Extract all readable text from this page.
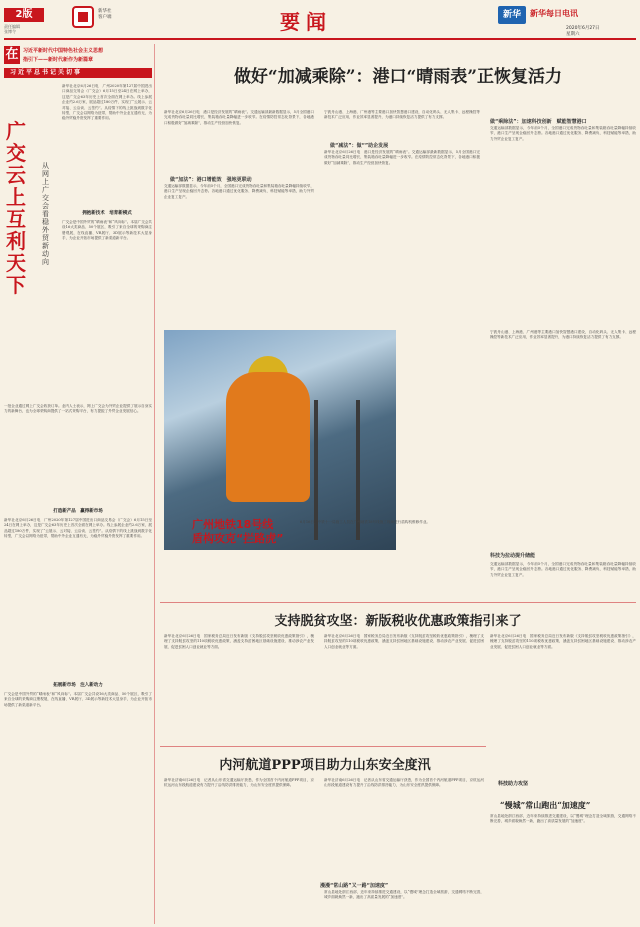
2版
责任编辑
张博令
新华社
客户端	要闻	新华	新华每日电讯
2020年6月27日
星期六
在 习近平新时代中国特色社会主义思想
指引下——新时代新作为新篇章
习近平总书记关切事
广交云上
互利天下
从网上广交会看稳外贸新动向
新华社北京6月26日电　广州2020年第127届中国进出口商品交易会（广交会）6月15日至24日在网上举办，这是广交会63年历史上首次全面在网上举办。线上参展企业约2.6万家，展品超过180万件，实现了“云展示、云对接、云洽谈、云签约”。从疫情下的线上挑战到数字化转型，广交会以网络为纽带，帮助中外企业互通有无，为稳外贸稳外资发挥了重要作用。
拥抱新技术　培育新模式
广交会是中国外贸的“晴雨表”和“风向标”。本届广交会共设16大类商品、50个展区，吸引了来自全球的采购商注册观展，在线直播、VR展厅、3D展示等新技术大显身手，为企业开拓市场提供了新渠道新平台。
一批企业通过网上广交会收获订单。业内人士表示，网上广交会为外贸企业提供了展示自身实力的新舞台，也为全球采购商提供了一站式采购平台，有力提振了外贸企业发展信心。
打造新产品　赢得新市场
新华社北京6月26日电　广州2020年第127届中国进出口商品交易会（广交会）6月15日至24日在网上举办，这是广交会63年历史上首次全面在网上举办。线上参展企业约2.6万家，展品超过180万件，实现了“云展示、云对接、云洽谈、云签约”。从疫情下的线上挑战到数字化转型，广交会以网络为纽带，帮助中外企业互通有无，为稳外贸稳外资发挥了重要作用。
拓展新市场　注入新动力
广交会是中国外贸的“晴雨表”和“风向标”。本届广交会共设16大类商品、50个展区，吸引了来自全球的采购商注册观展，在线直播、VR展厅、3D展示等新技术大显身手，为企业开拓市场提供了新渠道新平台。
做好“加减乘除”：港口“晴雨表”正恢复活力
做“加法”：港口增能效　强地更联动
做“减法”：做“”助企发展
做“乘除法”：加速科技创新　赋能智慧港口
新华社北京6月26日电　港口是经济发展的“晴雨表”。交通运输部最新数据显示，5月全国港口完成货物吞吐量同比增长，集装箱吞吐量降幅进一步收窄。在疫情防控常态化背景下，各地港口积极做好“加减乘除”，推动生产经营加快恢复。
交通运输部数据显示，今年前5个月，全国港口完成货物吞吐量和集装箱吞吐量降幅持续收窄，港口生产呈现企稳回升态势。各地港口通过优化服务、降费减负、科技赋能等举措，助力外贸企业复工复产。
宁波舟山港、上海港、广州港等主要港口加快智慧港口建设，自动化码头、无人集卡、远程操控等新技术广泛应用，作业效率显著提升，为港口持续恢复活力提供了有力支撑。
新华社北京6月26日电　港口是经济发展的“晴雨表”。交通运输部最新数据显示，5月全国港口完成货物吞吐量同比增长，集装箱吞吐量降幅进一步收窄。在疫情防控常态化背景下，各地港口积极做好“加减乘除”，推动生产经营加快恢复。
交通运输部数据显示，今年前5个月，全国港口完成货物吞吐量和集装箱吞吐量降幅持续收窄，港口生产呈现企稳回升态势。各地港口通过优化服务、降费减负、科技赋能等举措，助力外贸企业复工复产。
广州地铁18号线
盾构攻克“拦路虎”
6月16日，中铁十一局施工人员在广州地铁18号线施工现场进行盾构机维修作业。
宁波舟山港、上海港、广州港等主要港口加快智慧港口建设，自动化码头、无人集卡、远程操控等新技术广泛应用，作业效率显著提升，为港口持续恢复活力提供了有力支撑。
科技为拉动提升储能
交通运输部数据显示，今年前5个月，全国港口完成货物吞吐量和集装箱吞吐量降幅持续收窄，港口生产呈现企稳回升态势。各地港口通过优化服务、降费减负、科技赋能等举措，助力外贸企业复工复产。
支持脱贫攻坚：新版税收优惠政策指引来了
新华社北京6月26日电　国家税务总局近日发布新版《支持脱贫攻坚税收优惠政策指引》，梳理了支持脱贫攻坚的110项税收优惠政策，涵盖支持贫困地区基础设施建设、推动涉农产业发展、促进贫困人口创业就业等方面。
新华社北京6月26日电　国家税务总局近日发布新版《支持脱贫攻坚税收优惠政策指引》，梳理了支持脱贫攻坚的110项税收优惠政策，涵盖支持贫困地区基础设施建设、推动涉农产业发展、促进贫困人口创业就业等方面。
新华社北京6月26日电　国家税务总局近日发布新版《支持脱贫攻坚税收优惠政策指引》，梳理了支持脱贫攻坚的110项税收优惠政策，涵盖支持贫困地区基础设施建设、推动涉农产业发展、促进贫困人口创业就业等方面。
内河航道PPP项目助力山东安全度汛
新华社济南6月26日电　记者从山东省交通运输厅获悉，作为全国首个内河航道PPP项目，京杭运河山东段航道建设有力提升了沿线防洪排涝能力，为山东安全度汛提供保障。
新华社济南6月26日电　记者从山东省交通运输厅获悉，作为全国首个内河航道PPP项目，京杭运河山东段航道建设有力提升了沿线防洪排涝能力，为山东安全度汛提供保障。
漫漫“常山路”又一路“加速度”
常山县地处浙江西部，近年来持续推进交通建设，以“慢城”理念打造全域旅游，交通网络不断完善，城乡面貌焕然一新，跑出了高质量发展的“加速度”。
科技助力攻坚
“慢城”常山跑出“加速度”
常山县地处浙江西部，近年来持续推进交通建设，以“慢城”理念打造全域旅游，交通网络不断完善，城乡面貌焕然一新，跑出了高质量发展的“加速度”。
